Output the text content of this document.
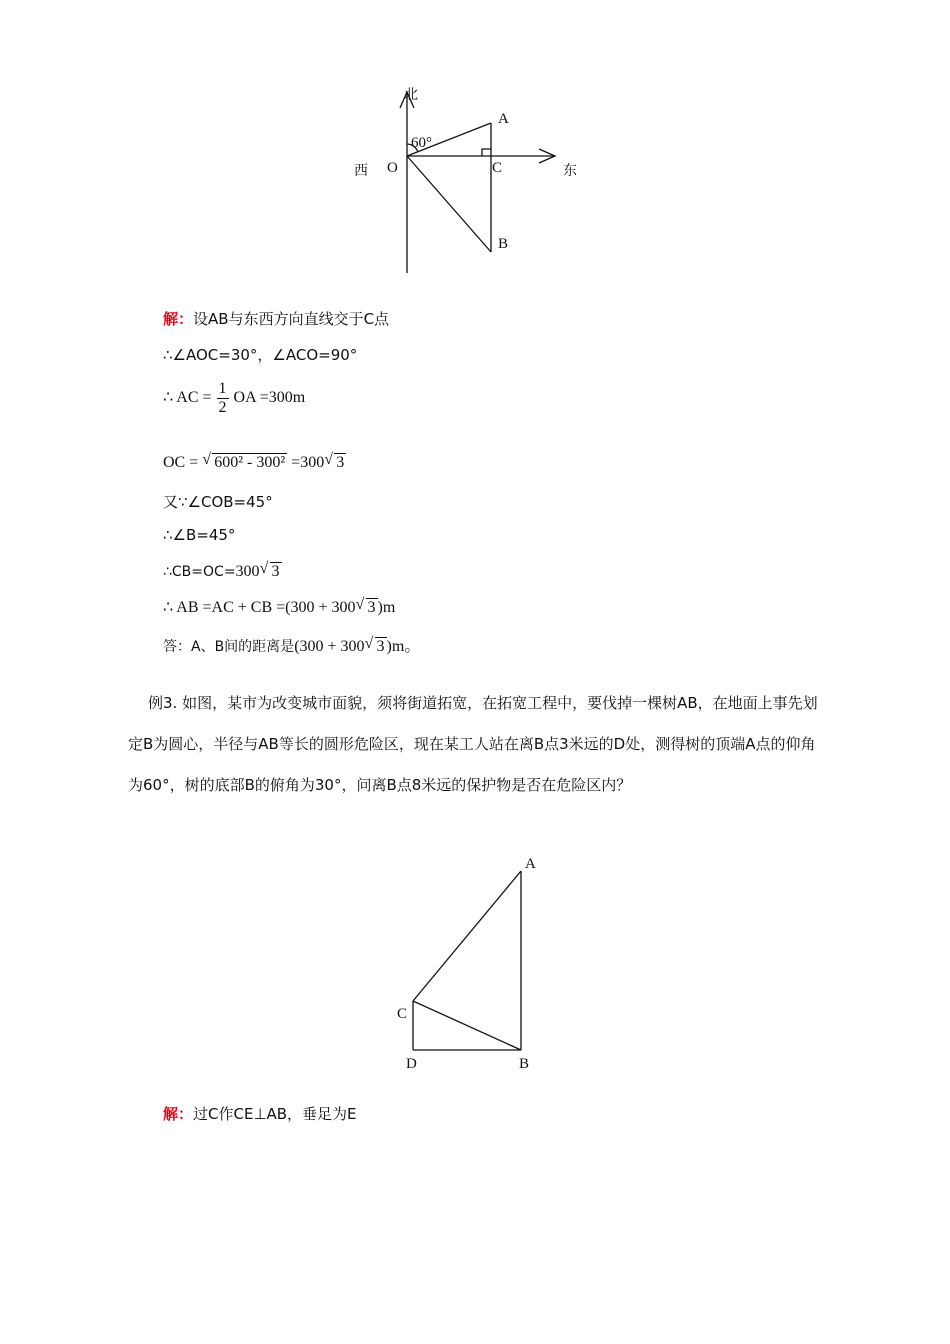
北
西	东
O
A
C
B
60°
解：设AB与东西方向直线交于C点
∴∠AOC=30°，∠ACO=90°
∴ AC = $\frac{1}{2}$ OA =300m
OC = √ 600² - 300² =300 √ 3
又∵∠COB=45°
∴∠B=45°
∴CB=OC=300 √ 3
∴ AB =AC + CB =(300 + 300 √ 3 )m
答：A、B间的距离是(300 + 300 √ 3 )m。
例3. 如图，某市为改变城市面貌，须将街道拓宽，在拓宽工程中，要伐掉一棵树AB，在地面上事先划定B为圆心，半径与AB等长的圆形危险区，现在某工人站在离B点3米远的D处，测得树的顶端A点的仰角为60°，树的底部B的俯角为30°，问离B点8米远的保护物是否在危险区内？
A
C
D	B
解：过C作CE⊥AB，垂足为E
